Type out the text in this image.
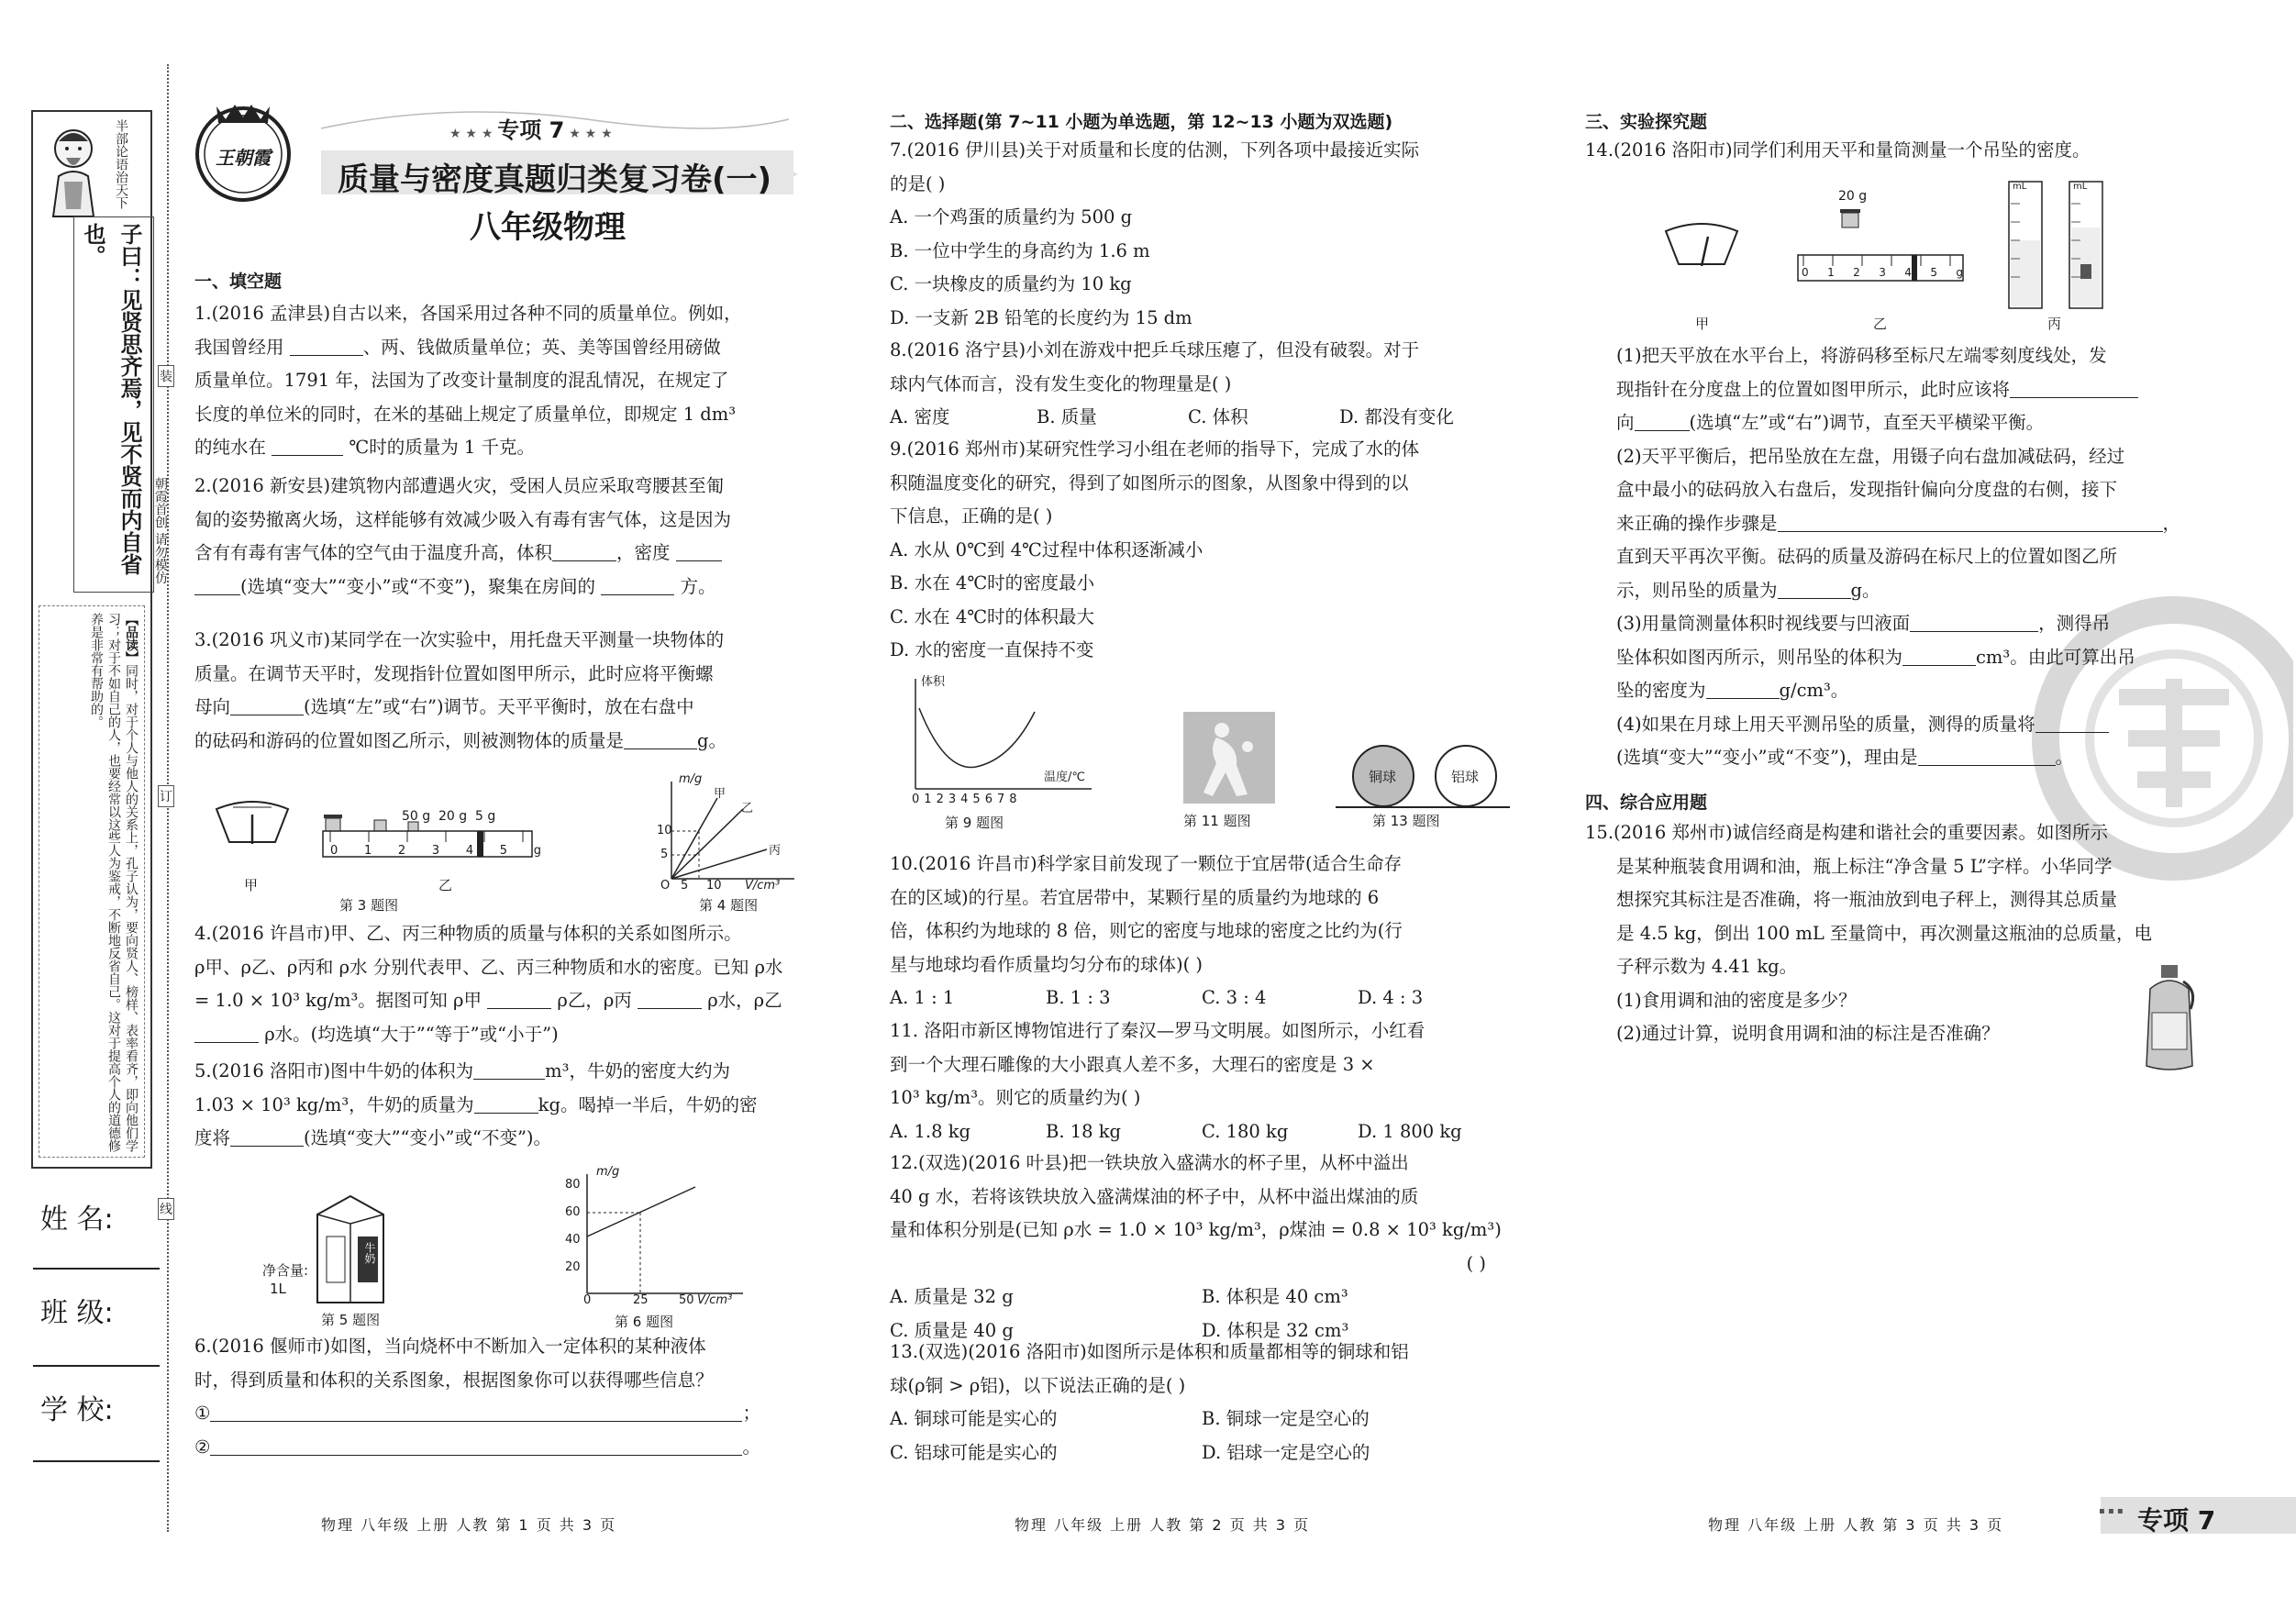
半部论语治天下
子曰：见贤思齐焉，见不贤而内自省也。
【品读】同时，对于个人与他人的关系上，孔子认为，要向贤人、榜样、表率看齐，即向他们学习；对于不如自己的人，也要经常以这些人为鉴戒，不断地反省自己。这对于提高个人的道德修养是非常有帮助的。
朝霞首创 请勿模仿
装
订
线
姓 名:
班 级:
学 校:
王朝霞
★ ★ ★ 专项 7 ★ ★ ★
质量与密度真题归类复习卷(一)
八年级物理
一、填空题

1.(2016 孟津县)自古以来，各国采用过各种不同的质量单位。例如，

我国曾经用	、两、钱做质量单位；英、美等国曾经用磅做

质量单位。1791 年，法国为了改变计量制度的混乱情况，在规定了

长度的单位米的同时，在米的基础上规定了质量单位，即规定 1 dm³

的纯水在	℃时的质量为 1 千克。

2.(2016 新安县)建筑物内部遭遇火灾，受困人员应采取弯腰甚至匍

匐的姿势撤离火场，这样能够有效减少吸入有毒有害气体，这是因为

含有有毒有害气体的空气由于温度升高，体积	，密度

(选填“变大”“变小”或“不变”)，聚集在房间的	方。

3.(2016 巩义市)某同学在一次实验中，用托盘天平测量一块物体的

质量。在调节天平时，发现指针位置如图甲所示，此时应将平衡螺

母向	(选填“左”或“右”)调节。天平平衡时，放在右盘中

的砝码和游码的位置如图乙所示，则被测物体的质量是	g。

50 g 20 g 5 g
0 1 2 3 4 5 g
甲	乙
第 3 题图
m/g
V/cm³
10
5
O 5 10
甲
乙
丙
第 4 题图

4.(2016 许昌市)甲、乙、丙三种物质的质量与体积的关系如图所示。

ρ甲、ρ乙、ρ丙和 ρ水 分别代表甲、乙、丙三种物质和水的密度。已知 ρ水

= 1.0 × 10³ kg/m³。据图可知 ρ甲	ρ乙，ρ丙	ρ水，ρ乙

ρ水。(均选填“大于”“等于”或“小于”)

5.(2016 洛阳市)图中牛奶的体积为	m³，牛奶的密度大约为

1.03 × 10³ kg/m³，牛奶的质量为	kg。喝掉一半后，牛奶的密

度将	(选填“变大”“变小”或“不变”)。

牛奶
净含量:
1L
第 5 题图
m/g
V/cm³
80
60
40
20
0	25	50
第 6 题图

6.(2016 偃师市)如图，当向烧杯中不断加入一定体积的某种液体

时，得到质量和体积的关系图象，根据图象你可以获得哪些信息？

①	；

②	。

物理 八年级 上册 人教 第 1 页 共 3 页
二、选择题(第 7~11 小题为单选题，第 12~13 小题为双选题)

7.(2016 伊川县)关于对质量和长度的估测，下列各项中最接近实际

的是( )

A. 一个鸡蛋的质量约为 500 g

B. 一位中学生的身高约为 1.6 m

C. 一块橡皮的质量约为 10 kg

D. 一支新 2B 铅笔的长度约为 15 dm

8.(2016 洛宁县)小刘在游戏中把乒乓球压瘪了，但没有破裂。对于

球内气体而言，没有发生变化的物理量是( )

A. 密度	B. 质量	C. 体积	D. 都没有变化

9.(2016 郑州市)某研究性学习小组在老师的指导下，完成了水的体

积随温度变化的研究，得到了如图所示的图象，从图象中得到的以

下信息，正确的是( )

A. 水从 0℃到 4℃过程中体积逐渐减小

B. 水在 4℃时的密度最小

C. 水在 4℃时的体积最大

D. 水的密度一直保持不变

体积
温度/℃
0 1 2 3 4 5 6 7 8
第 9 题图	第 11 题图
铜球	铝球
第 13 题图

10.(2016 许昌市)科学家目前发现了一颗位于宜居带(适合生命存

在的区域)的行星。若宜居带中，某颗行星的质量约为地球的 6

倍，体积约为地球的 8 倍，则它的密度与地球的密度之比约为(行

星与地球均看作质量均匀分布的球体)( )

A. 1 : 1	B. 1 : 3	C. 3 : 4	D. 4 : 3

11. 洛阳市新区博物馆进行了秦汉—罗马文明展。如图所示，小红看

到一个大理石雕像的大小跟真人差不多，大理石的密度是 3 ×

10³ kg/m³。则它的质量约为( )

A. 1.8 kg	B. 18 kg	C. 180 kg	D. 1 800 kg

12.(双选)(2016 叶县)把一铁块放入盛满水的杯子里，从杯中溢出

40 g 水，若将该铁块放入盛满煤油的杯子中，从杯中溢出煤油的质

量和体积分别是(已知 ρ水 = 1.0 × 10³ kg/m³，ρ煤油 = 0.8 × 10³ kg/m³)

( )

A. 质量是 32 g	B. 体积是 40 cm³

C. 质量是 40 g	D. 体积是 32 cm³

13.(双选)(2016 洛阳市)如图所示是体积和质量都相等的铜球和铝

球(ρ铜 > ρ铝)，以下说法正确的是( )

A. 铜球可能是实心的	B. 铜球一定是空心的

C. 铝球可能是实心的	D. 铝球一定是空心的

物理 八年级 上册 人教 第 2 页 共 3 页
三、实验探究题

14.(2016 洛阳市)同学们利用天平和量筒测量一个吊坠的密度。

20 g
0 1 2 3 4 5 g
mL	mL
甲	乙	丙

(1)把天平放在水平台上，将游码移至标尺左端零刻度线处，发

现指针在分度盘上的位置如图甲所示，此时应该将

向	(选填“左”或“右”)调节，直至天平横梁平衡。

(2)天平平衡后，把吊坠放在左盘，用镊子向右盘加减砝码，经过

盒中最小的砝码放入右盘后，发现指针偏向分度盘的右侧，接下

来正确的操作步骤是	，

直到天平再次平衡。砝码的质量及游码在标尺上的位置如图乙所

示，则吊坠的质量为	g。

(3)用量筒测量体积时视线要与凹液面	，测得吊

坠体积如图丙所示，则吊坠的体积为	cm³。由此可算出吊

坠的密度为	g/cm³。

(4)如果在月球上用天平测吊坠的质量，测得的质量将

(选填“变大”“变小”或“不变”)，理由是	。

四、综合应用题

15.(2016 郑州市)诚信经商是构建和谐社会的重要因素。如图所示

是某种瓶装食用调和油，瓶上标注“净含量 5 L”字样。小华同学

想探究其标注是否准确，将一瓶油放到电子秤上，测得其总质量

是 4.5 kg，倒出 100 mL 至量筒中，再次测量这瓶油的总质量，电

子秤示数为 4.41 kg。

(1)食用调和油的密度是多少？

(2)通过计算，说明食用调和油的标注是否准确？

物理 八年级 上册 人教 第 3 页 共 3 页
▪ ▪ ▪ 专项 7
